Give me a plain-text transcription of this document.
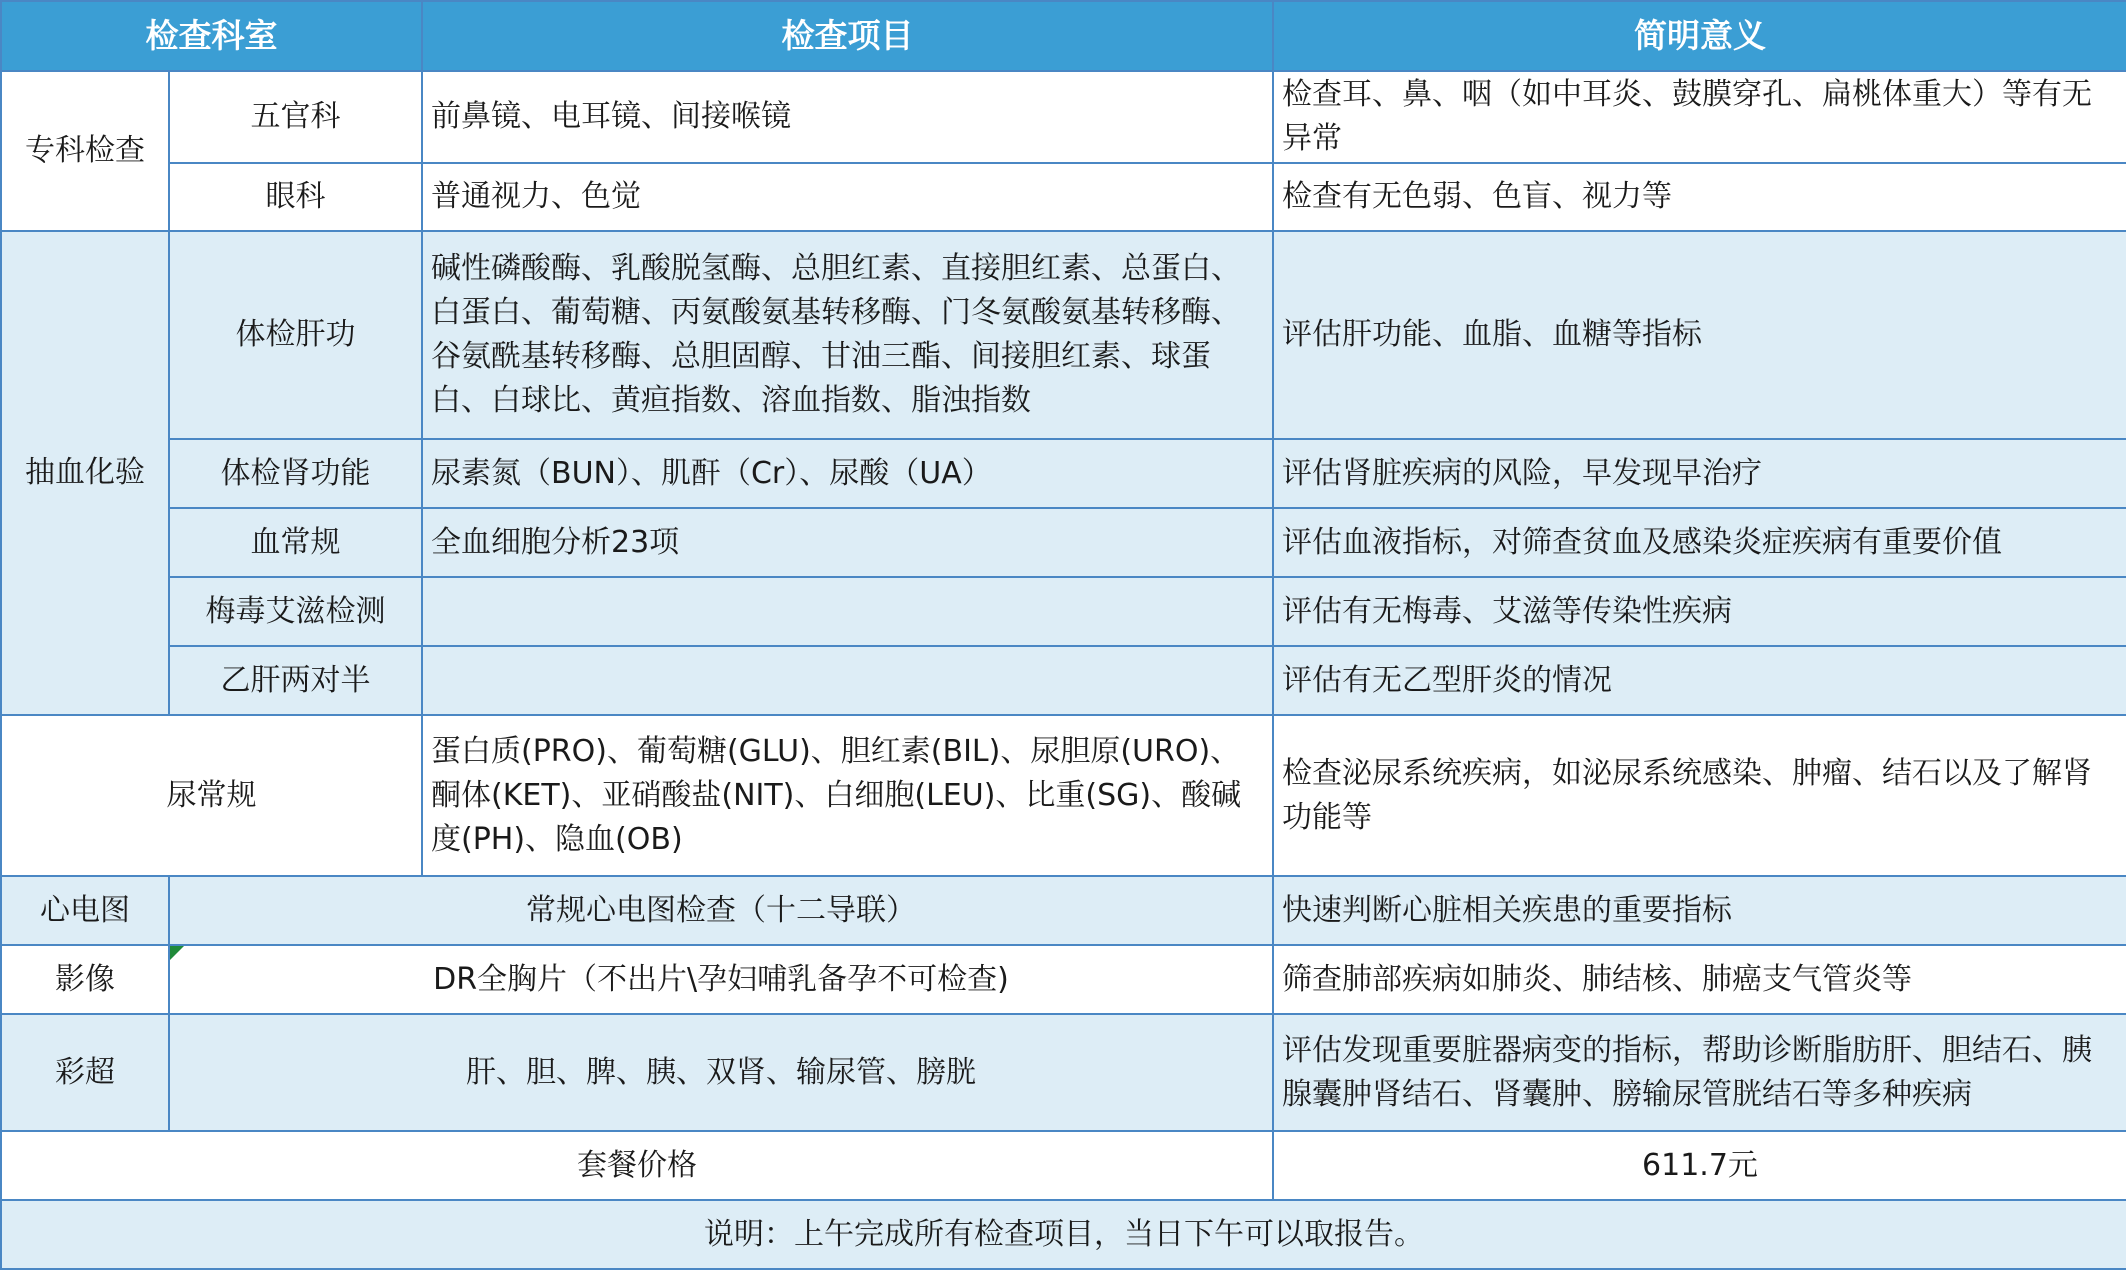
检查科室		检查项目	简明意义
专科检查	五官科	前鼻镜、电耳镜、间接喉镜	检查耳、鼻、咽（如中耳炎、鼓膜穿孔、扁桃体重大）等有无异常
	眼科	普通视力、色觉	检查有无色弱、色盲、视力等
抽血化验	体检肝功	碱性磷酸酶、乳酸脱氢酶、总胆红素、直接胆红素、总蛋白、白蛋白、葡萄糖、丙氨酸氨基转移酶、门冬氨酸氨基转移酶、谷氨酰基转移酶、总胆固醇、甘油三酯、间接胆红素、球蛋白、白球比、黄疸指数、溶血指数、脂浊指数	评估肝功能、血脂、血糖等指标
	体检肾功能	尿素氮（BUN）、肌酐（Cr）、尿酸（UA）	评估肾脏疾病的风险，早发现早治疗
	血常规	全血细胞分析23项	评估血液指标，对筛查贫血及感染炎症疾病有重要价值
	梅毒艾滋检测		评估有无梅毒、艾滋等传染性疾病
	乙肝两对半		评估有无乙型肝炎的情况
尿常规		蛋白质(PRO)、葡萄糖(GLU)、胆红素(BIL)、尿胆原(URO)、酮体(KET)、亚硝酸盐(NIT)、白细胞(LEU)、比重(SG)、酸碱度(PH)、隐血(OB)	检查泌尿系统疾病，如泌尿系统感染、肿瘤、结石以及了解肾功能等
心电图	常规心电图检查（十二导联）		快速判断心脏相关疾患的重要指标
影像	DR全胸片（不出片\孕妇哺乳备孕不可检查)		筛查肺部疾病如肺炎、肺结核、肺癌支气管炎等
彩超	肝、胆、脾、胰、双肾、输尿管、膀胱		评估发现重要脏器病变的指标，帮助诊断脂肪肝、胆结石、胰腺囊肿肾结石、肾囊肿、膀输尿管胱结石等多种疾病
套餐价格			611.7元
说明：上午完成所有检查项目，当日下午可以取报告。			
